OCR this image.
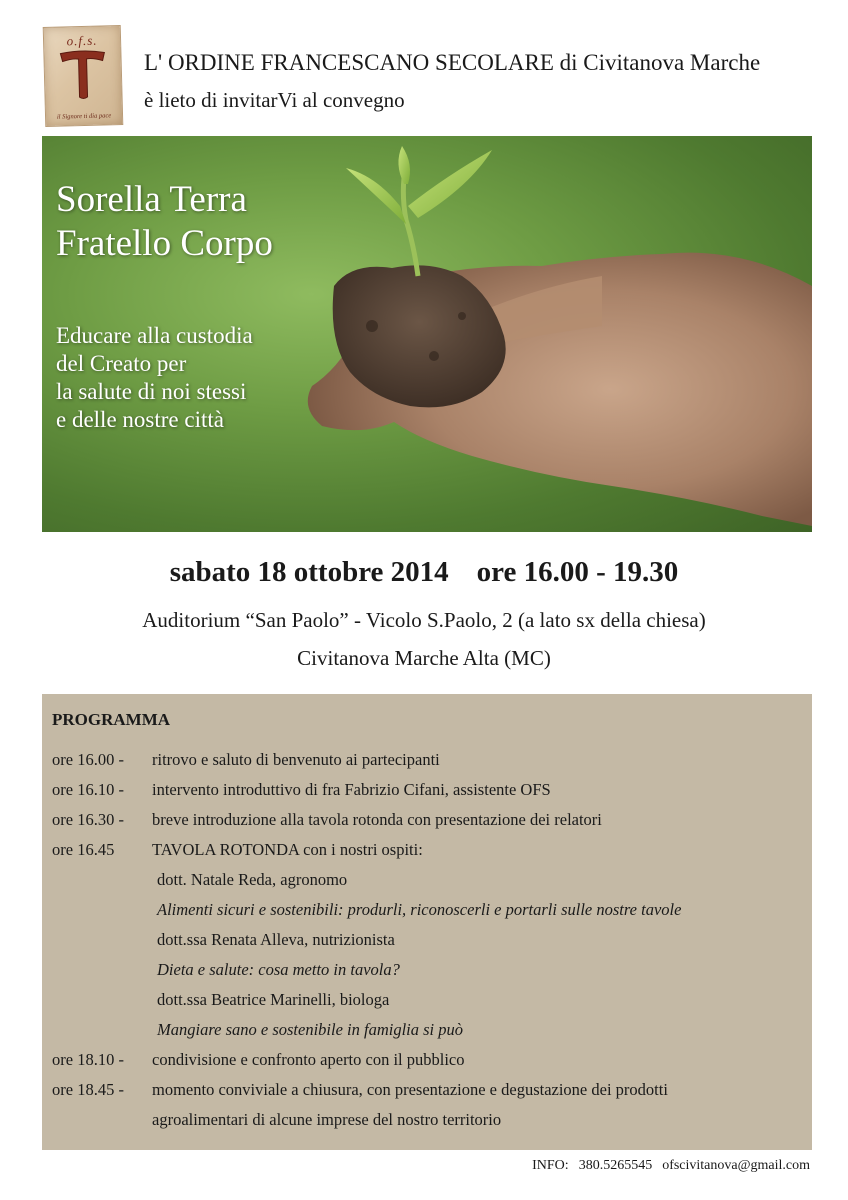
o.f.s.
il Signore ti dia pace
L' ORDINE FRANCESCANO SECOLARE di Civitanova Marche
è lieto di invitarVi al convegno
Sorella Terra
Fratello Corpo
Educare alla custodia
del Creato per
la salute di noi stessi
e delle nostre città
sabato 18 ottobre 2014 ore 16.00 - 19.30
Auditorium “San Paolo” - Vicolo S.Paolo, 2 (a lato sx della chiesa)
Civitanova Marche Alta (MC)
PROGRAMMA
ore 16.00 - ritrovo e saluto di benvenuto ai partecipanti
ore 16.10 - intervento introduttivo di fra Fabrizio Cifani, assistente OFS
ore 16.30 - breve introduzione alla tavola rotonda con presentazione dei relatori
ore 16.45 TAVOLA ROTONDA con i nostri ospiti:
dott. Natale Reda, agronomo
Alimenti sicuri e sostenibili: produrli, riconoscerli e portarli sulle nostre tavole
dott.ssa Renata Alleva, nutrizionista
Dieta e salute: cosa metto in tavola?
dott.ssa Beatrice Marinelli, biologa
Mangiare sano e sostenibile in famiglia si può
ore 18.10 - condivisione e confronto aperto con il pubblico
ore 18.45 - momento conviviale a chiusura, con presentazione e degustazione dei prodotti
agroalimentari di alcune imprese del nostro territorio
INFO: 380.5265545 ofscivitanova@gmail.com
